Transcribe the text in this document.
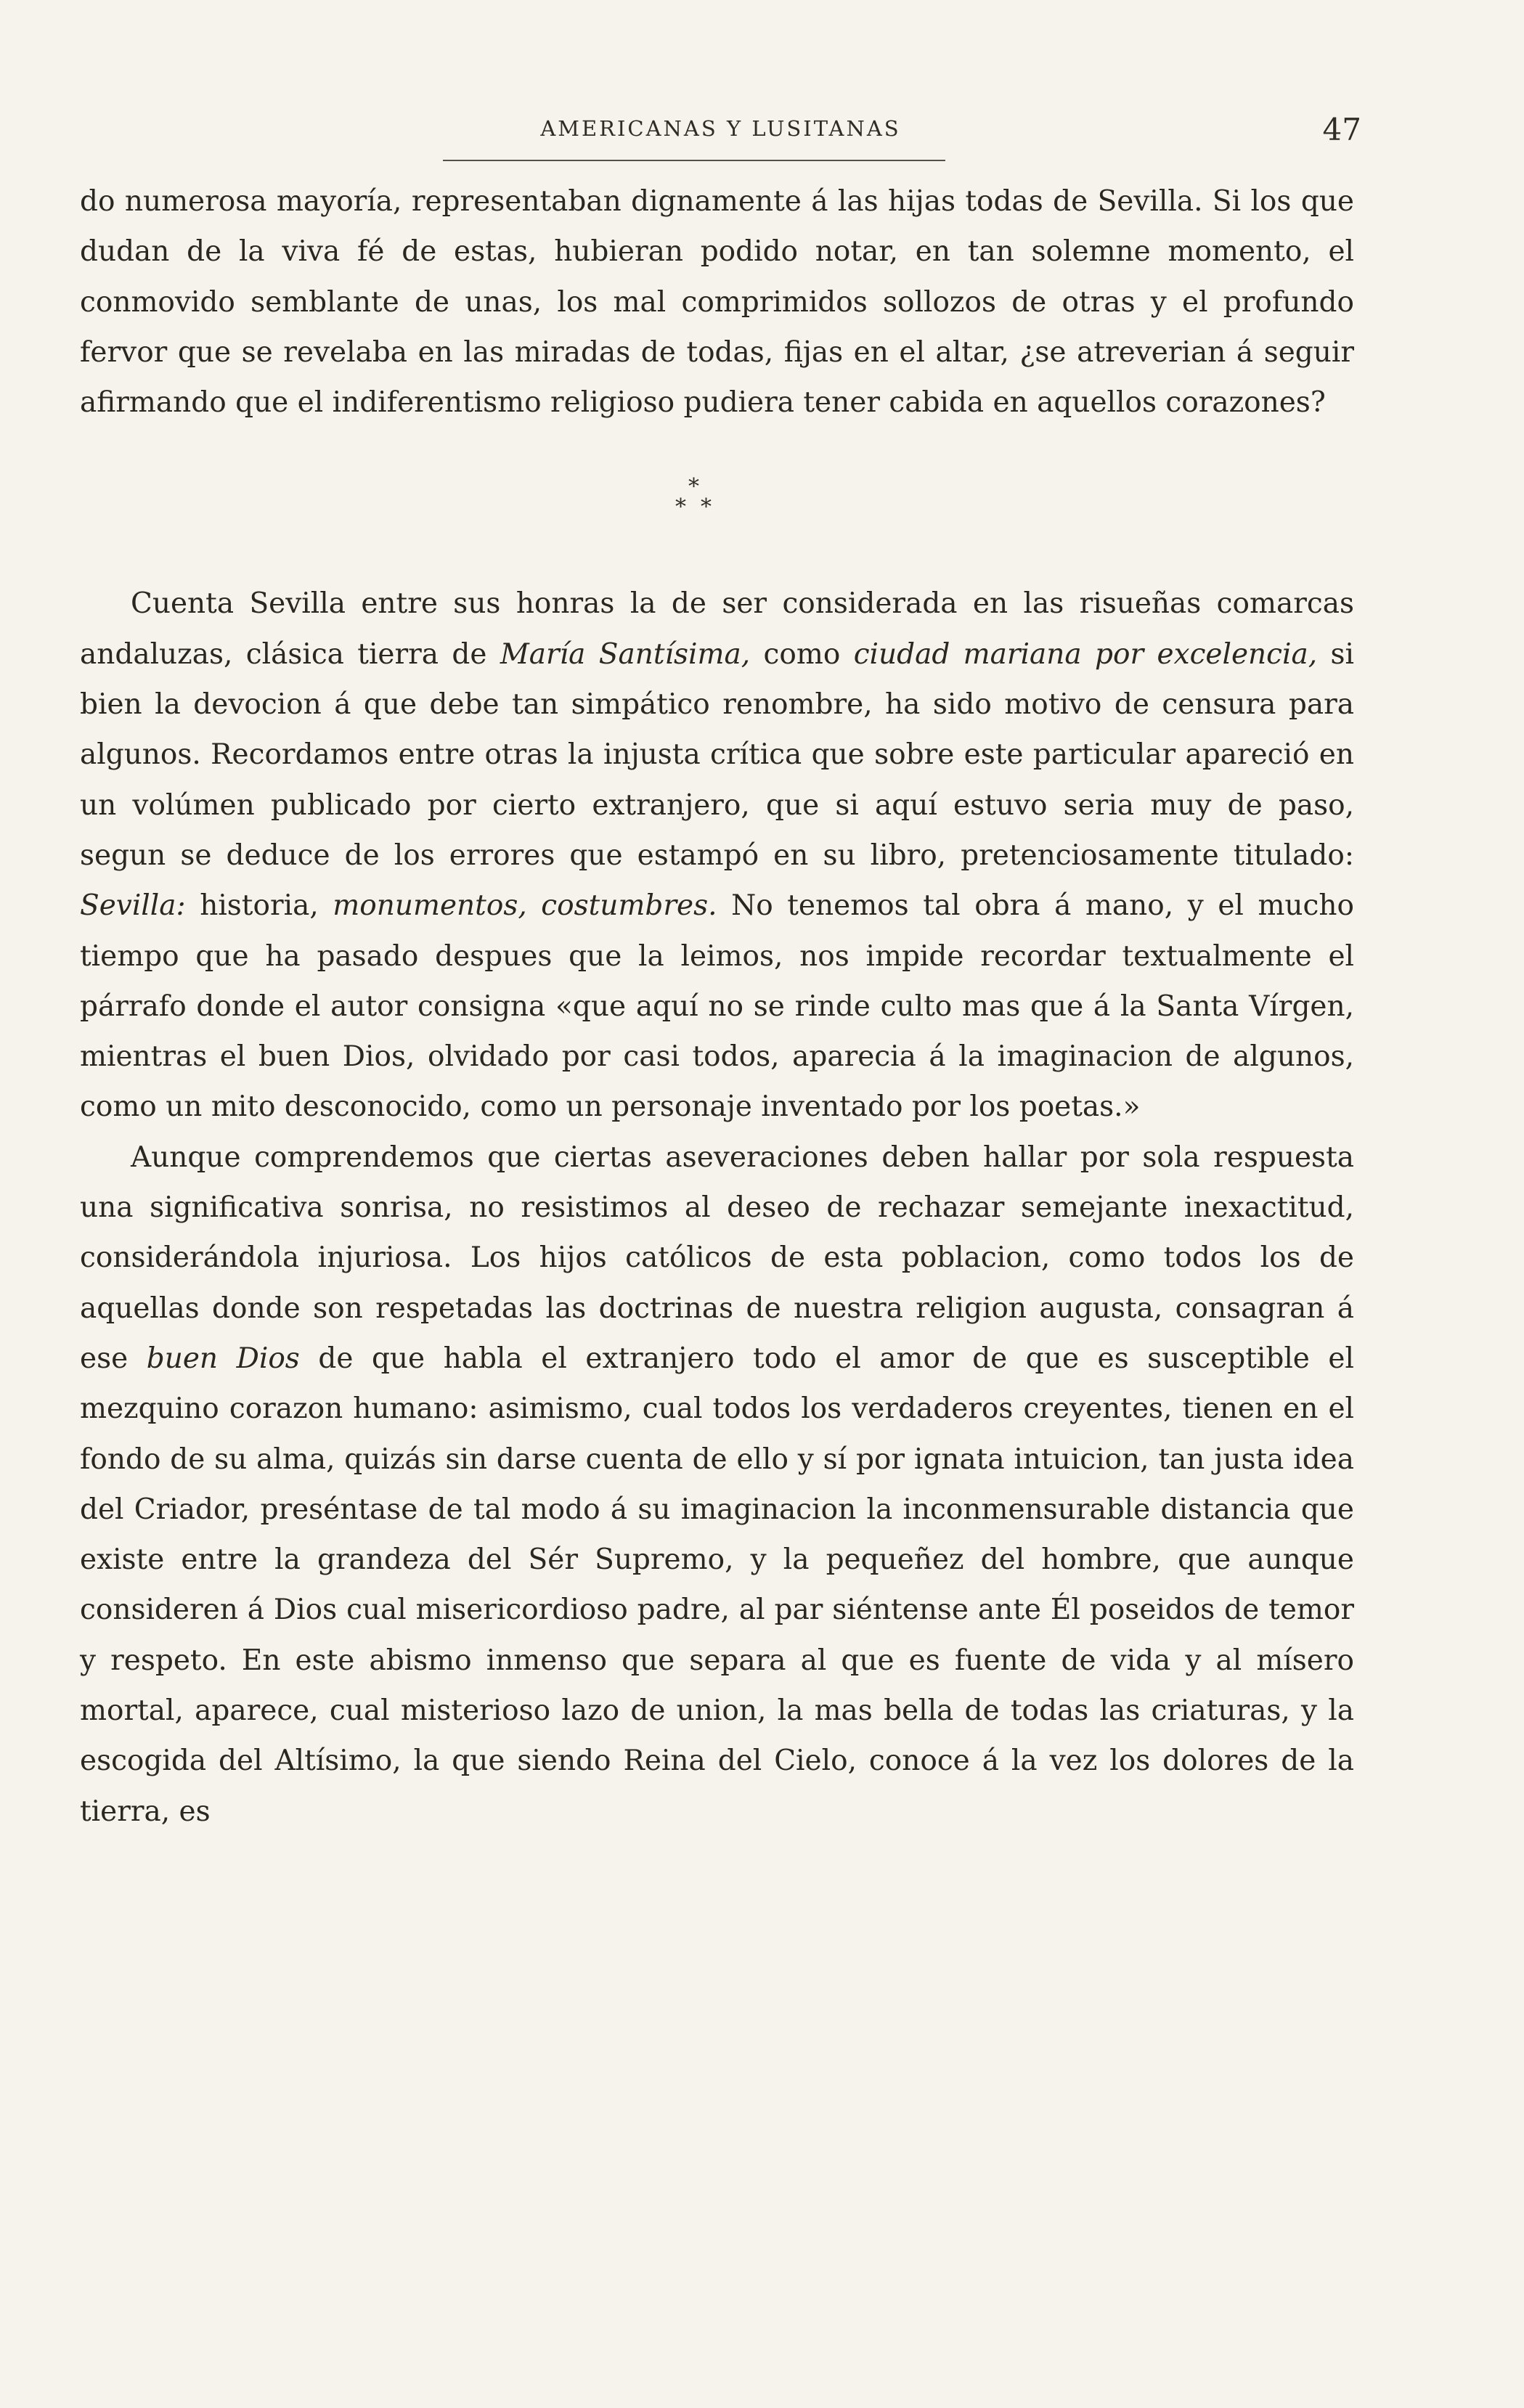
AMERICANAS Y LUSITANAS	47

do numerosa mayoría, representaban dignamente á las hijas todas de Sevilla. Si los que dudan de la viva fé de estas, hubieran podido notar, en tan solemne momento, el conmovido semblante de unas, los mal comprimidos sollozos de otras y el profundo fervor que se revelaba en las miradas de todas, fijas en el altar, ¿se atreverian á seguir afirmando que el indiferentismo religioso pudiera tener cabida en aquellos corazones?

*
* *

Cuenta Sevilla entre sus honras la de ser considerada en las risueñas comarcas andaluzas, clásica tierra de María Santísima, como ciudad mariana por excelencia, si bien la devocion á que debe tan simpático renombre, ha sido motivo de censura para algunos. Recordamos entre otras la injusta crítica que sobre este particular apareció en un volúmen publicado por cierto extranjero, que si aquí estuvo seria muy de paso, segun se deduce de los errores que estampó en su libro, pretenciosamente titulado: Sevilla: historia, monumentos, costumbres. No tenemos tal obra á mano, y el mucho tiempo que ha pasado despues que la leimos, nos impide recordar textualmente el párrafo donde el autor consigna «que aquí no se rinde culto mas que á la Santa Vírgen, mientras el buen Dios, olvidado por casi todos, aparecia á la imaginacion de algunos, como un mito desconocido, como un personaje inventado por los poetas.»

Aunque comprendemos que ciertas aseveraciones deben hallar por sola respuesta una significativa sonrisa, no resistimos al deseo de rechazar semejante inexactitud, considerándola injuriosa. Los hijos católicos de esta poblacion, como todos los de aquellas donde son respetadas las doctrinas de nuestra religion augusta, consagran á ese buen Dios de que habla el extranjero todo el amor de que es susceptible el mezquino corazon humano: asimismo, cual todos los verdaderos creyentes, tienen en el fondo de su alma, quizás sin darse cuenta de ello y sí por ignata intuicion, tan justa idea del Criador, preséntase de tal modo á su imaginacion la inconmensurable distancia que existe entre la grandeza del Sér Supremo, y la pequeñez del hombre, que aunque consideren á Dios cual misericordioso padre, al par siéntense ante Él poseidos de temor y respeto. En este abismo inmenso que separa al que es fuente de vida y al mísero mortal, aparece, cual misterioso lazo de union, la mas bella de todas las criaturas, y la escogida del Altísimo, la que siendo Reina del Cielo, conoce á la vez los dolores de la tierra, es
